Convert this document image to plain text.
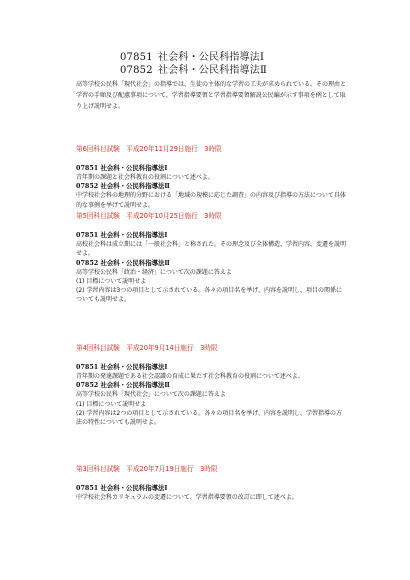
07851 社会科・公民科指導法Ⅰ
07852 社会科・公民科指導法Ⅱ
高等学校公民科「現代社会」の指導では、生徒の主体的な学習の工夫が求められている。その理由と学習の手順及び配慮事項について、学習指導要領と学習指導要領解説公民編が示す事項を例として取り上げ説明せよ。
第6回科目試験　平成20年11月29日施行　3時限
07851 社会科・公民科指導法Ⅰ
青年期の課題と社会科教育の役割について述べよ。
07852 社会科・公民科指導法Ⅱ
中学校社会科の地理的分野における「地域の規模に応じた調査」の内容及び指導の方法について具体的な事例を挙げて説明せよ。
第5回科目試験　平成20年10月25日施行　3時限
07851 社会科・公民科指導法Ⅰ
高校社会科は成立期には「一般社会科」と称された。その理念及び全体構造、学習内容、変遷を説明せよ。
07852 社会科・公民科指導法Ⅱ
高等学校公民科「政治・経済」について次の課題に答えよ
(1) 目標について説明せよ
(2) 学習内容は3つの項目として示されている。各々の項目名を挙げ、内容を説明し、項目の関係についても説明せよ。
第4回科目試験　平成20年9月14日施行　3時限
07851 社会科・公民科指導法Ⅰ
青年期の発達課題である社会認識の育成に果たす社会科教育の役割について述べよ。
07852 社会科・公民科指導法Ⅱ
高等学校公民科「現代社会」について次の課題に答えよ
(1) 目標について説明せよ
(2) 学習内容は2つの項目として示されている。各々の項目名を挙げ、内容を説明し、学習指導の方法の特性についても説明せよ。
第3回科目試験　平成20年7月19日施行　3時限
07851 社会科・公民科指導法Ⅰ
中学校社会科カリキュラムの変遷について、学習指導要領の改訂に即して述べよ。
